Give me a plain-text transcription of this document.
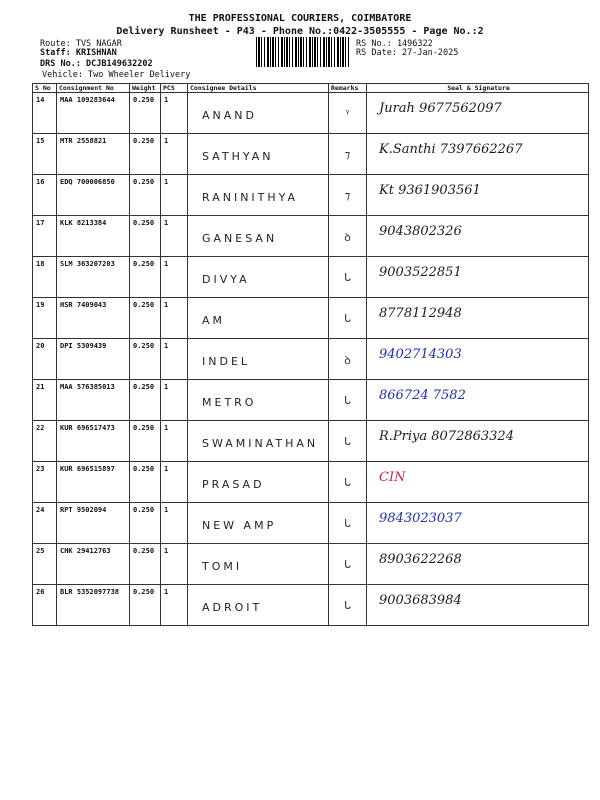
THE PROFESSIONAL COURIERS, COIMBATORE
Delivery Runsheet - P43 - Phone No.:0422-3505555 - Page No.:2
Route: TVS NAGAR
Staff: KRISHNAN
DRS No.: DCJB149632202
Vehicle: Two Wheeler Delivery
RS No.: 1496322
RS Date: 27-Jan-2025
S No	Consignment No	Weight	PCS	Consignee Details	Remarks	Seal & Signature
14	MAA 109283644	0.250	1	ANAND	ᵞ	Jurah 9677562097

15	MTR 2558821	0.250	1	SATHYAN	⁊	K.Santhi 7397662267

16	EDQ 700006850	0.250	1	RANINITHYA	⁊	Kt 9361903561

17	KLK 8213384	0.250	1	GANESAN	ꝺ	9043802326

18	SLM 363207203	0.250	1	DIVYA	ᒐ	9003522851

19	HSR 7409043	0.250	1	AM	ᒐ	8778112948

20	DPI 5309439	0.250	1	INDEL	ꝺ	9402714303

21	MAA 576385013	0.250	1	METRO	ᒐ	866724 7582

22	KUR 696517473	0.250	1	SWAMINATHAN	ᒐ	R.Priya 8072863324

23	KUR 696515897	0.250	1	PRASAD	ᒐ	CIN

24	RPT 9502094	0.250	1	NEW AMP	ᒐ	9843023037

25	CHK 29412763	0.250	1	TOMI	ᒐ	8903622268

26	BLR 5352097738	0.250	1	ADROIT	ᒐ	9003683984
